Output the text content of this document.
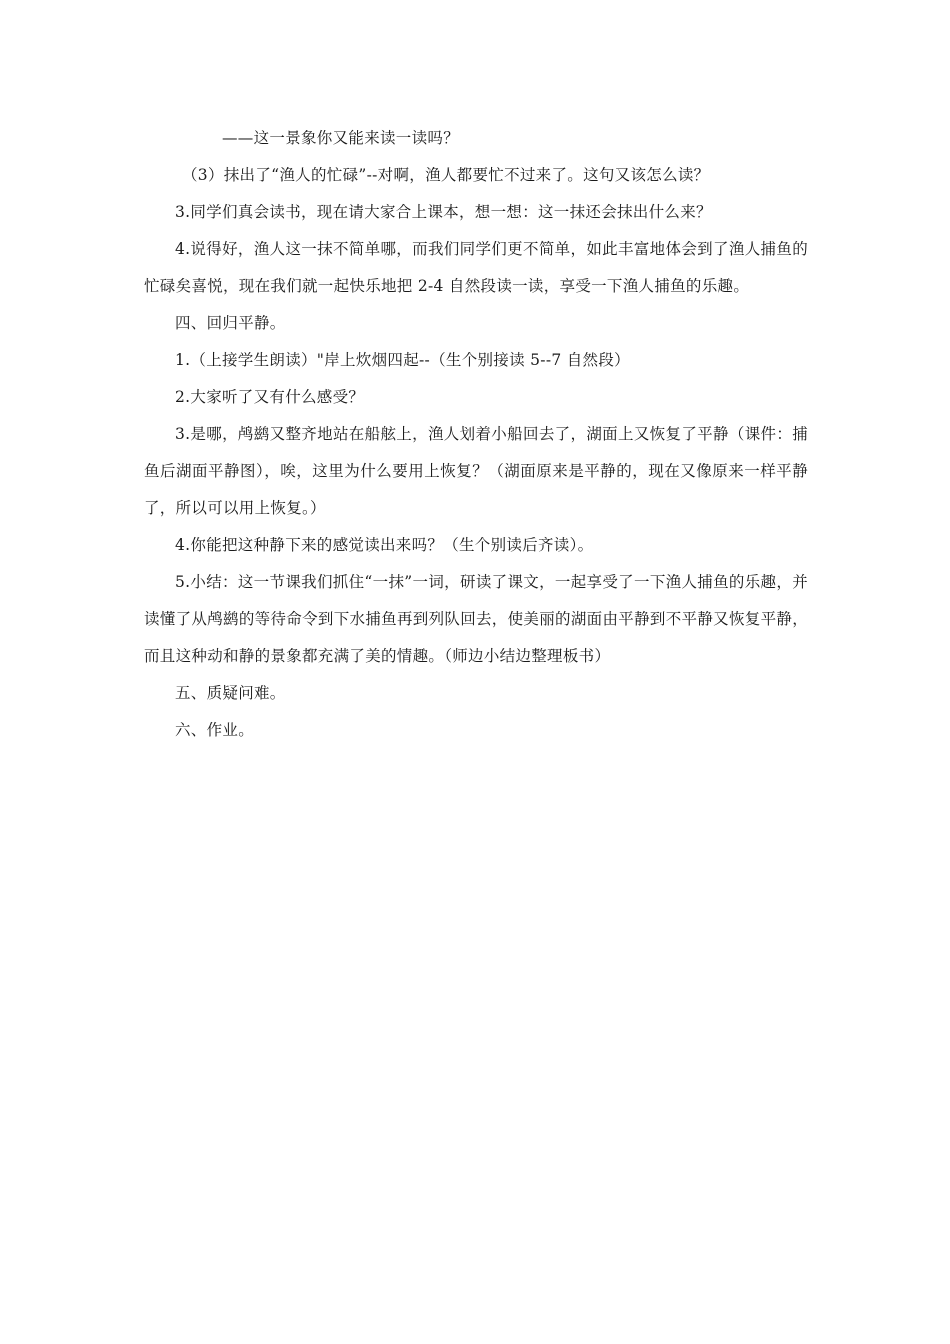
——这一景象你又能来读一读吗？

（3）抹出了“渔人的忙碌”--对啊，渔人都要忙不过来了。这句又该怎么读？

3.同学们真会读书，现在请大家合上课本，想一想：这一抹还会抹出什么来？

4.说得好，渔人这一抹不简单哪，而我们同学们更不简单，如此丰富地体会到了渔人捕鱼的忙碌矣喜悦，现在我们就一起快乐地把 2-4 自然段读一读，享受一下渔人捕鱼的乐趣。

四、回归平静。

1.（上接学生朗读）"岸上炊烟四起--（生个别接读 5--7 自然段）

2.大家听了又有什么感受？

3.是哪，鸬鹚又整齐地站在船舷上，渔人划着小船回去了，湖面上又恢复了平静（课件：捕鱼后湖面平静图），唉，这里为什么要用上恢复？（湖面原来是平静的，现在又像原来一样平静了，所以可以用上恢复。）

4.你能把这种静下来的感觉读出来吗？（生个别读后齐读）。

5.小结：这一节课我们抓住“一抹”一词，研读了课文，一起享受了一下渔人捕鱼的乐趣，并读懂了从鸬鹚的等待命令到下水捕鱼再到列队回去，使美丽的湖面由平静到不平静又恢复平静，而且这种动和静的景象都充满了美的情趣。（师边小结边整理板书）

五、质疑问难。

六、作业。
